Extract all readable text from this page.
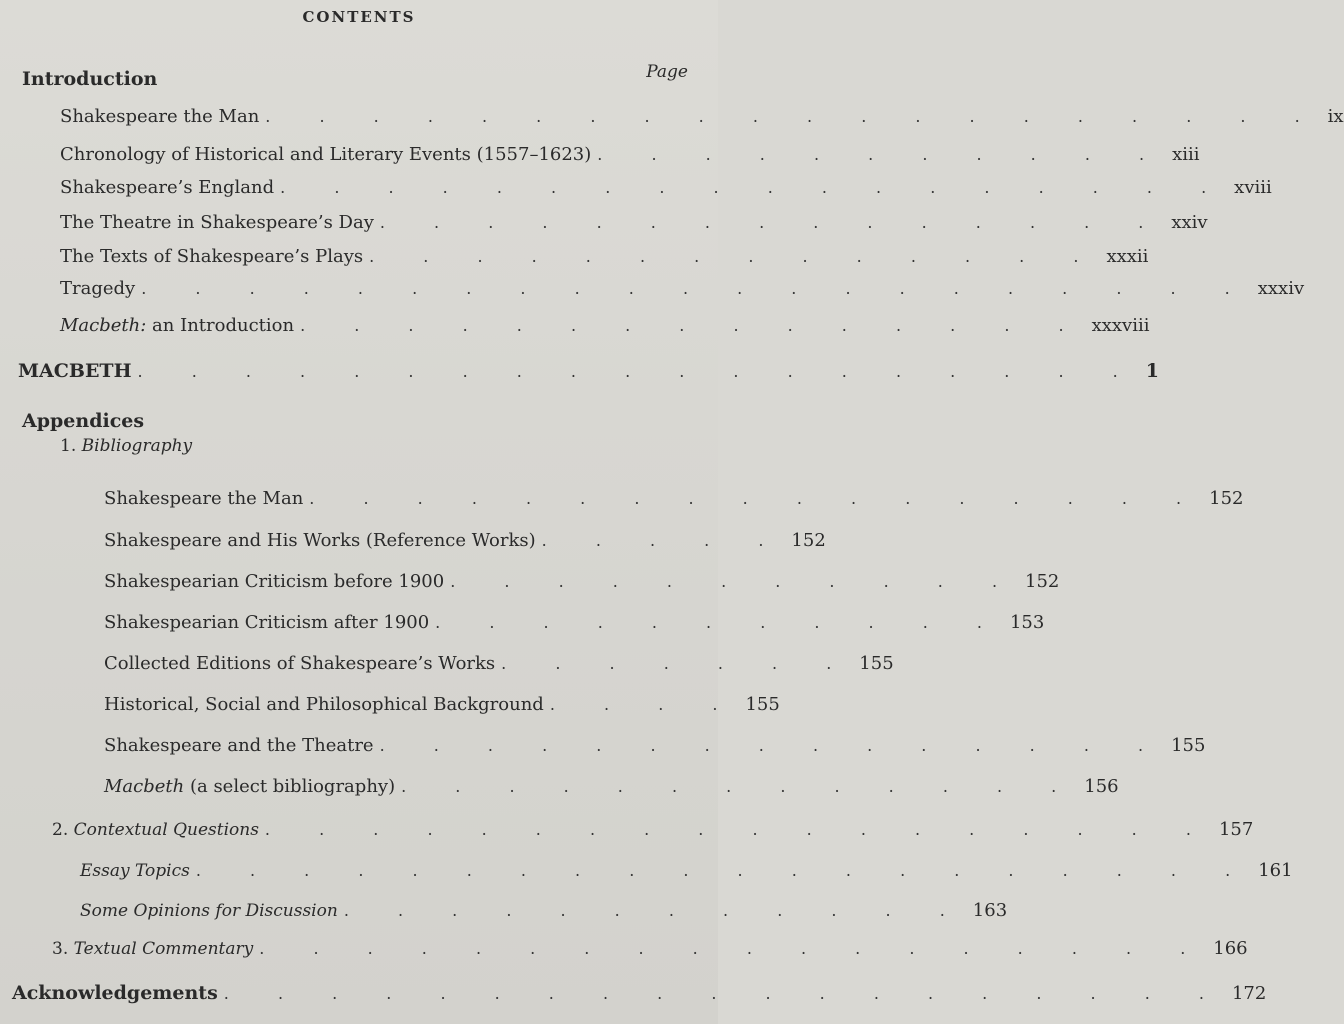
CONTENTS
Introduction	Page
Shakespeare the Man . . . . . . . . . . . . . . . . . . . . ix
Chronology of Historical and Literary Events (1557–1623) . . . . . . . . . . . xiii
Shakespeare’s England . . . . . . . . . . . . . . . . . . xviii
The Theatre in Shakespeare’s Day . . . . . . . . . . . . . . . xxiv
The Texts of Shakespeare’s Plays . . . . . . . . . . . . . . xxxii
Tragedy . . . . . . . . . . . . . . . . . . . . . xxxiv
Macbeth: an Introduction . . . . . . . . . . . . . . . xxxviii
MACBETH . . . . . . . . . . . . . . . . . . . 1
Appendices
1. Bibliography
Shakespeare the Man . . . . . . . . . . . . . . . . . 152
Shakespeare and His Works (Reference Works) . . . . . 152
Shakespearian Criticism before 1900 . . . . . . . . . . . 152
Shakespearian Criticism after 1900 . . . . . . . . . . . 153
Collected Editions of Shakespeare’s Works . . . . . . . 155
Historical, Social and Philosophical Background . . . . 155
Shakespeare and the Theatre . . . . . . . . . . . . . . . 155
Macbeth (a select bibliography) . . . . . . . . . . . . . 156
2. Contextual Questions . . . . . . . . . . . . . . . . . . 157
Essay Topics . . . . . . . . . . . . . . . . . . . . 161
Some Opinions for Discussion . . . . . . . . . . . . 163
3. Textual Commentary . . . . . . . . . . . . . . . . . . 166
Acknowledgements . . . . . . . . . . . . . . . . . . . 172
